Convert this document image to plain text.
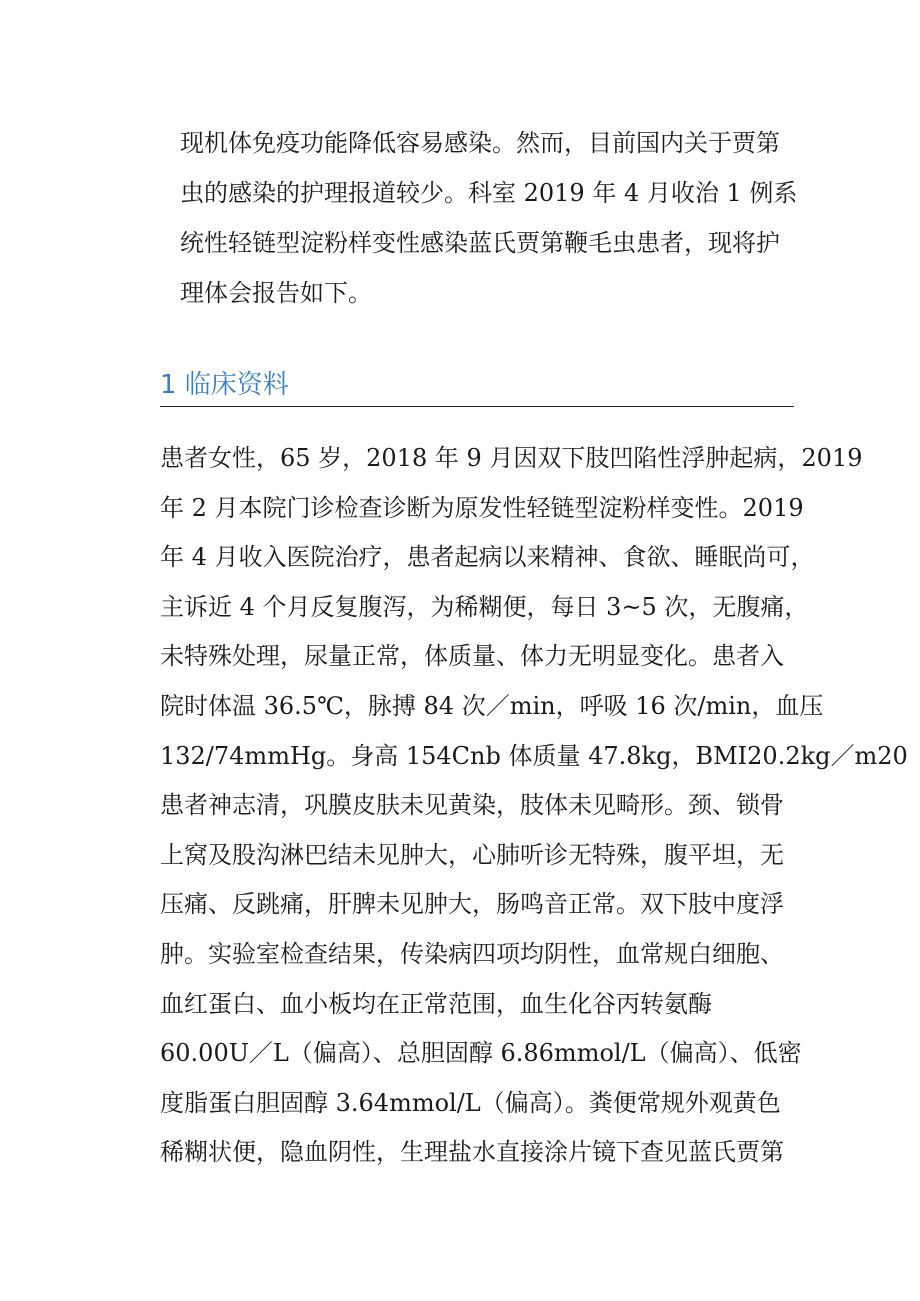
现机体免疫功能降低容易感染。然而，目前国内关于贾第
虫的感染的护理报道较少。科室 2019 年 4 月收治 1 例系
统性轻链型淀粉样变性感染蓝氏贾第鞭毛虫患者，现将护
理体会报告如下。
1 临床资料
患者女性，65 岁，2018 年 9 月因双下肢凹陷性浮肿起病，2019
年 2 月本院门诊检查诊断为原发性轻链型淀粉样变性。2019
年 4 月收入医院治疗，患者起病以来精神、食欲、睡眠尚可，
主诉近 4 个月反复腹泻，为稀糊便，每日 3~5 次，无腹痛，
未特殊处理，尿量正常，体质量、体力无明显变化。患者入
院时体温 36.5℃，脉搏 84 次／min，呼吸 16 次/min，血压
132/74mmHg。身高 154Cnb 体质量 47.8kg，BMI20.2kg／m20
患者神志清，巩膜皮肤未见黄染，肢体未见畸形。颈、锁骨
上窝及股沟淋巴结未见肿大，心肺听诊无特殊，腹平坦，无
压痛、反跳痛，肝脾未见肿大，肠鸣音正常。双下肢中度浮
肿。实验室检查结果，传染病四项均阴性，血常规白细胞、
血红蛋白、血小板均在正常范围，血生化谷丙转氨酶
60.00U／L（偏高）、总胆固醇 6.86mmol/L（偏高）、低密
度脂蛋白胆固醇 3.64mmol/L（偏高）。粪便常规外观黄色
稀糊状便，隐血阴性，生理盐水直接涂片镜下查见蓝氏贾第
